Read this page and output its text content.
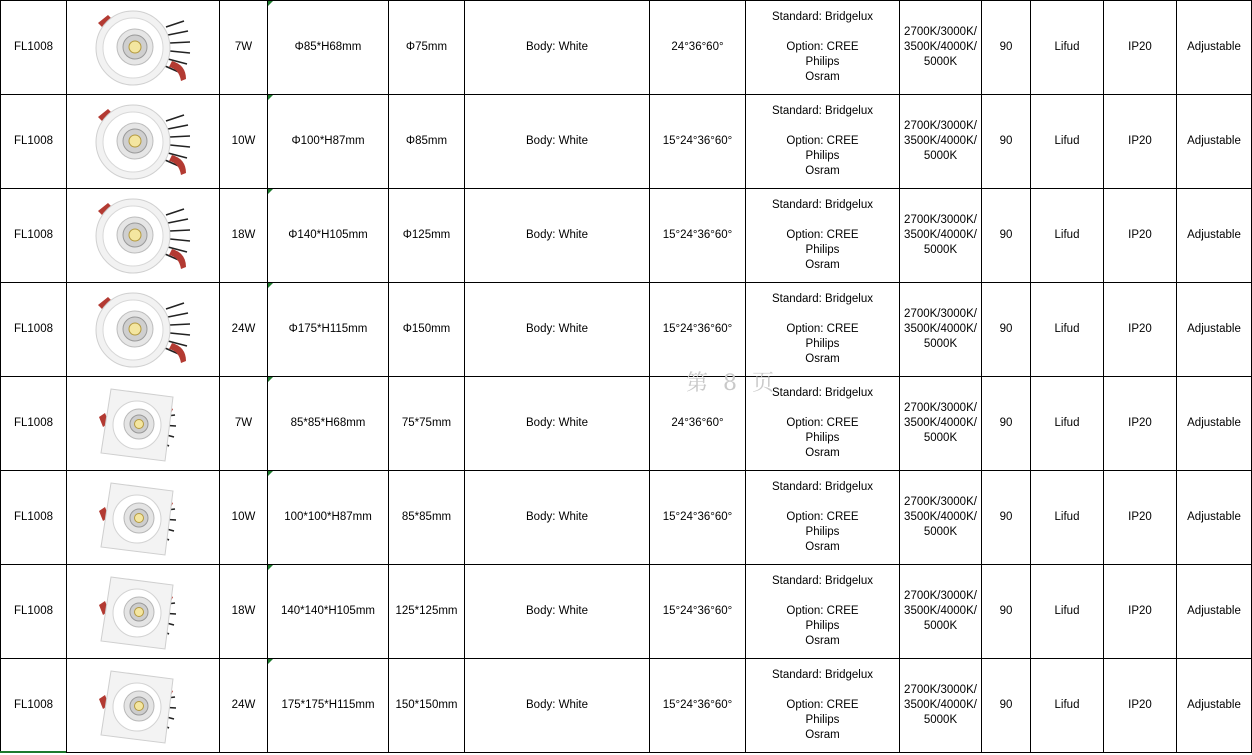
FL1008		7W	Φ85*H68mm	Φ75mm	Body: White	24°36°60°	Standard: Bridgelux
Option: CREE
Philips
Osram	2700K/3000K/
3500K/4000K/
5000K	90	Lifud	IP20	Adjustable
FL1008		10W	Φ100*H87mm	Φ85mm	Body: White	15°24°36°60°	Standard: Bridgelux
Option: CREE
Philips
Osram	2700K/3000K/
3500K/4000K/
5000K	90	Lifud	IP20	Adjustable
FL1008		18W	Φ140*H105mm	Φ125mm	Body: White	15°24°36°60°	Standard: Bridgelux
Option: CREE
Philips
Osram	2700K/3000K/
3500K/4000K/
5000K	90	Lifud	IP20	Adjustable
FL1008		24W	Φ175*H115mm	Φ150mm	Body: White	15°24°36°60°	Standard: Bridgelux
Option: CREE
Philips
Osram	2700K/3000K/
3500K/4000K/
5000K	90	Lifud	IP20	Adjustable
FL1008		7W	85*85*H68mm	75*75mm	Body: White	24°36°60°	Standard: Bridgelux
Option: CREE
Philips
Osram	2700K/3000K/
3500K/4000K/
5000K	90	Lifud	IP20	Adjustable
FL1008		10W	100*100*H87mm	85*85mm	Body: White	15°24°36°60°	Standard: Bridgelux
Option: CREE
Philips
Osram	2700K/3000K/
3500K/4000K/
5000K	90	Lifud	IP20	Adjustable
FL1008		18W	140*140*H105mm	125*125mm	Body: White	15°24°36°60°	Standard: Bridgelux
Option: CREE
Philips
Osram	2700K/3000K/
3500K/4000K/
5000K	90	Lifud	IP20	Adjustable
FL1008		24W	175*175*H115mm	150*150mm	Body: White	15°24°36°60°	Standard: Bridgelux
Option: CREE
Philips
Osram	2700K/3000K/
3500K/4000K/
5000K	90	Lifud	IP20	Adjustable
第 8 页
